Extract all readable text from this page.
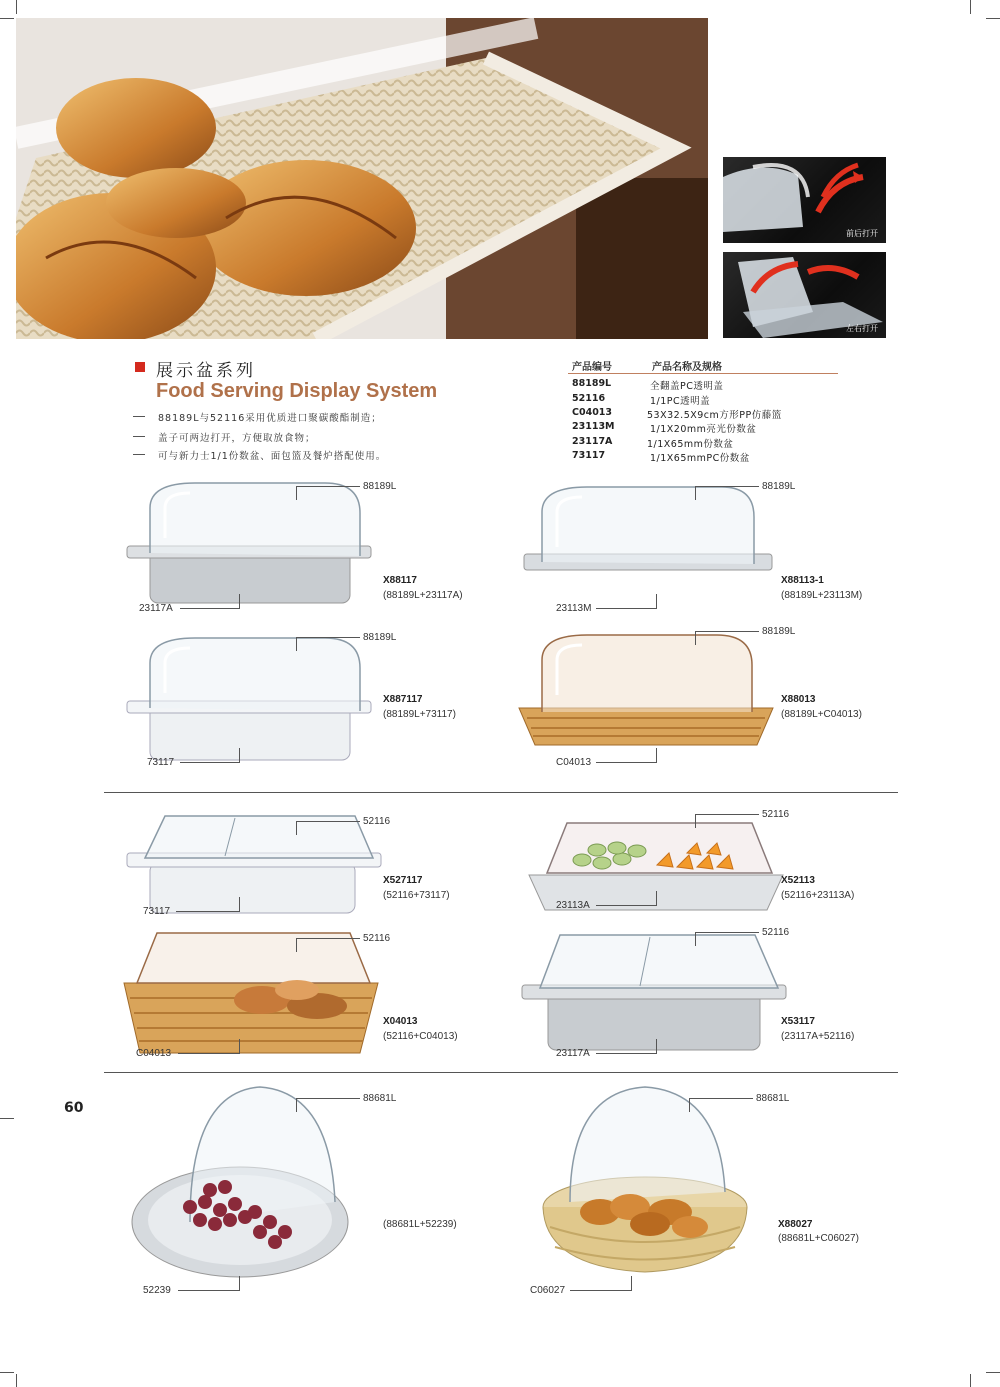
前后打开
左右打开
展示盆系列
Food Serving Display System
88189L与52116采用优质进口聚碳酸酯制造；
盖子可两边打开，方便取放食物；
可与新力士1/1份数盆、面包篮及餐炉搭配使用。
产品编号	产品名称及规格
88189L	全翻盖PC透明盖
52116	1/1PC透明盖
C04013	53X32.5X9cm方形PP仿藤篮
23113M	1/1X20mm亮光份数盆
23117A	1/1X65mm份数盆
73117	1/1X65mmPC份数盆
88189L
23117A
X88117
(88189L+23117A)
88189L
23113M
X88113-1
(88189L+23113M)
88189L
73117
X887117
(88189L+73117)
88189L
C04013
X88013
(88189L+C04013)
52116
73117
X527117
(52116+73117)
52116
23113A
X52113
(52116+23113A)
52116
C04013
X04013
(52116+C04013)
52116
23117A
X53117
(23117A+52116)
60
88681L
52239
(88681L+52239)
88681L
C06027
X88027
(88681L+C06027)
